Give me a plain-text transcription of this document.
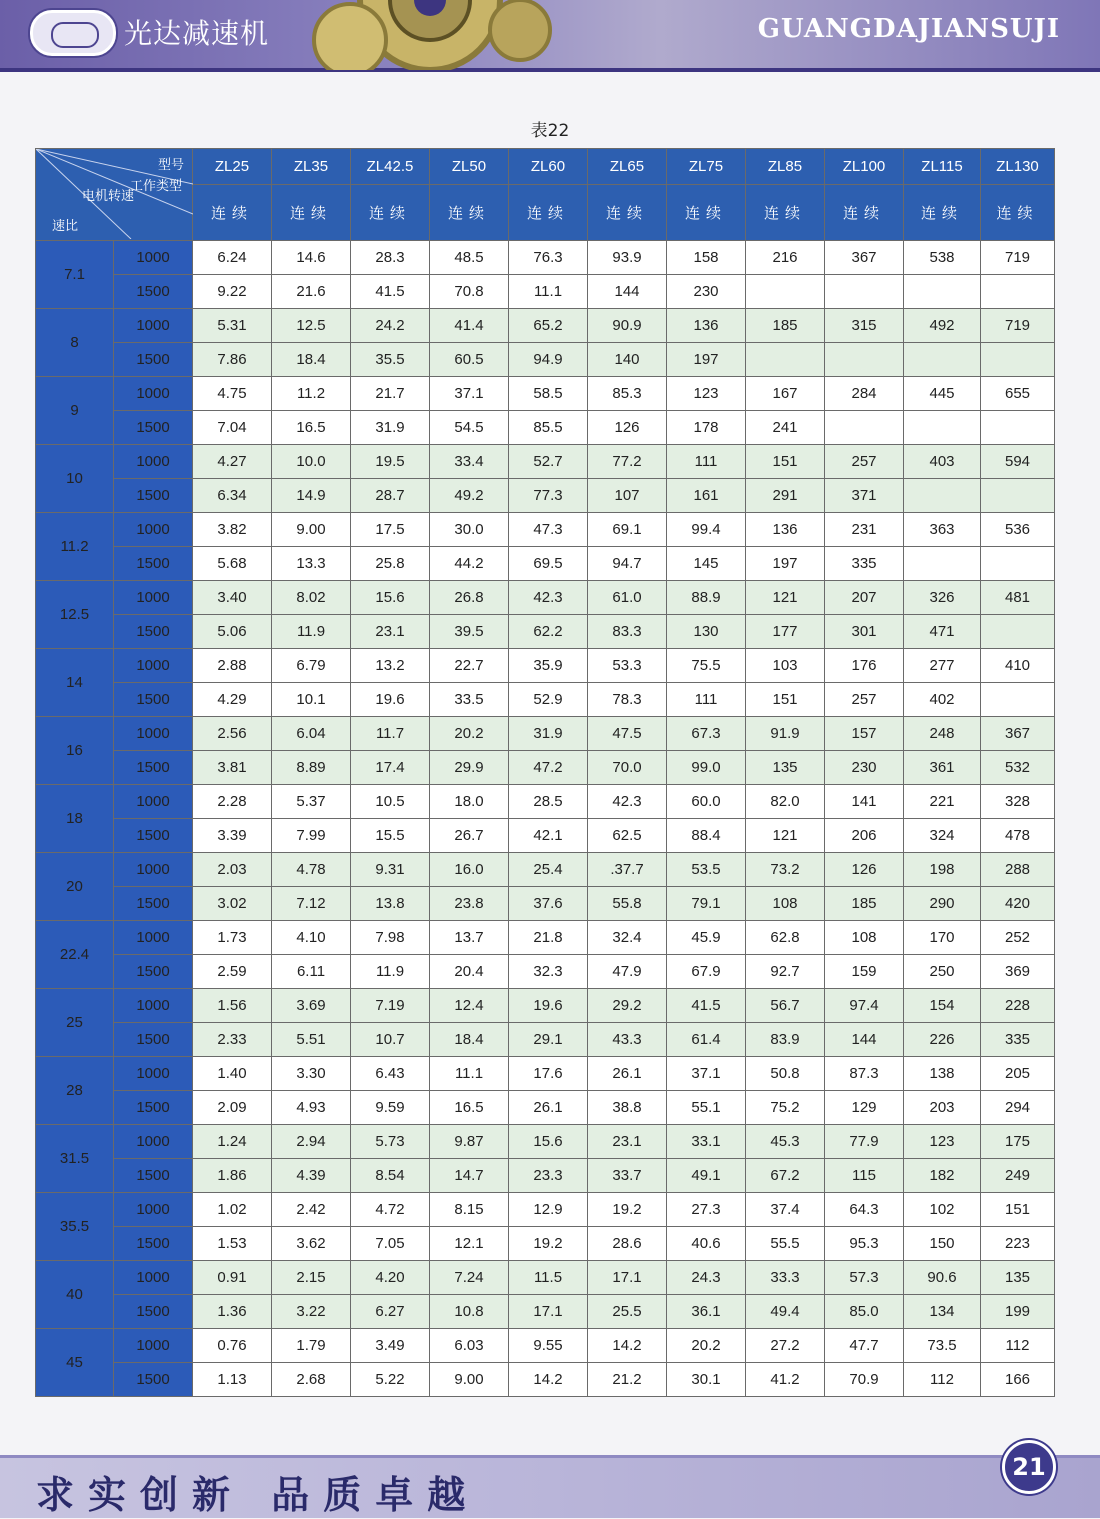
光达减速机	GUANGDAJIANSUJI
表22
型号
工作类型
电机转速
速比		ZL25	ZL35	ZL42.5	ZL50	ZL60	ZL65	ZL75	ZL85	ZL100	ZL115	ZL130
		连续	连续	连续	连续	连续	连续	连续	连续	连续	连续	连续
7.1	1000	6.24	14.6	28.3	48.5	76.3	93.9	158	216	367	538	719
	1500	9.22	21.6	41.5	70.8	11.1	144	230				
8	1000	5.31	12.5	24.2	41.4	65.2	90.9	136	185	315	492	719
	1500	7.86	18.4	35.5	60.5	94.9	140	197				
9	1000	4.75	11.2	21.7	37.1	58.5	85.3	123	167	284	445	655
	1500	7.04	16.5	31.9	54.5	85.5	126	178	241			
10	1000	4.27	10.0	19.5	33.4	52.7	77.2	111	151	257	403	594
	1500	6.34	14.9	28.7	49.2	77.3	107	161	291	371		
11.2	1000	3.82	9.00	17.5	30.0	47.3	69.1	99.4	136	231	363	536
	1500	5.68	13.3	25.8	44.2	69.5	94.7	145	197	335		
12.5	1000	3.40	8.02	15.6	26.8	42.3	61.0	88.9	121	207	326	481
	1500	5.06	11.9	23.1	39.5	62.2	83.3	130	177	301	471	
14	1000	2.88	6.79	13.2	22.7	35.9	53.3	75.5	103	176	277	410
	1500	4.29	10.1	19.6	33.5	52.9	78.3	111	151	257	402	
16	1000	2.56	6.04	11.7	20.2	31.9	47.5	67.3	91.9	157	248	367
	1500	3.81	8.89	17.4	29.9	47.2	70.0	99.0	135	230	361	532
18	1000	2.28	5.37	10.5	18.0	28.5	42.3	60.0	82.0	141	221	328
	1500	3.39	7.99	15.5	26.7	42.1	62.5	88.4	121	206	324	478
20	1000	2.03	4.78	9.31	16.0	25.4	.37.7	53.5	73.2	126	198	288
	1500	3.02	7.12	13.8	23.8	37.6	55.8	79.1	108	185	290	420
22.4	1000	1.73	4.10	7.98	13.7	21.8	32.4	45.9	62.8	108	170	252
	1500	2.59	6.11	11.9	20.4	32.3	47.9	67.9	92.7	159	250	369
25	1000	1.56	3.69	7.19	12.4	19.6	29.2	41.5	56.7	97.4	154	228
	1500	2.33	5.51	10.7	18.4	29.1	43.3	61.4	83.9	144	226	335
28	1000	1.40	3.30	6.43	11.1	17.6	26.1	37.1	50.8	87.3	138	205
	1500	2.09	4.93	9.59	16.5	26.1	38.8	55.1	75.2	129	203	294
31.5	1000	1.24	2.94	5.73	9.87	15.6	23.1	33.1	45.3	77.9	123	175
	1500	1.86	4.39	8.54	14.7	23.3	33.7	49.1	67.2	115	182	249
35.5	1000	1.02	2.42	4.72	8.15	12.9	19.2	27.3	37.4	64.3	102	151
	1500	1.53	3.62	7.05	12.1	19.2	28.6	40.6	55.5	95.3	150	223
40	1000	0.91	2.15	4.20	7.24	11.5	17.1	24.3	33.3	57.3	90.6	135
	1500	1.36	3.22	6.27	10.8	17.1	25.5	36.1	49.4	85.0	134	199
45	1000	0.76	1.79	3.49	6.03	9.55	14.2	20.2	27.2	47.7	73.5	112
	1500	1.13	2.68	5.22	9.00	14.2	21.2	30.1	41.2	70.9	112	166
求实创新 品质卓越
21
